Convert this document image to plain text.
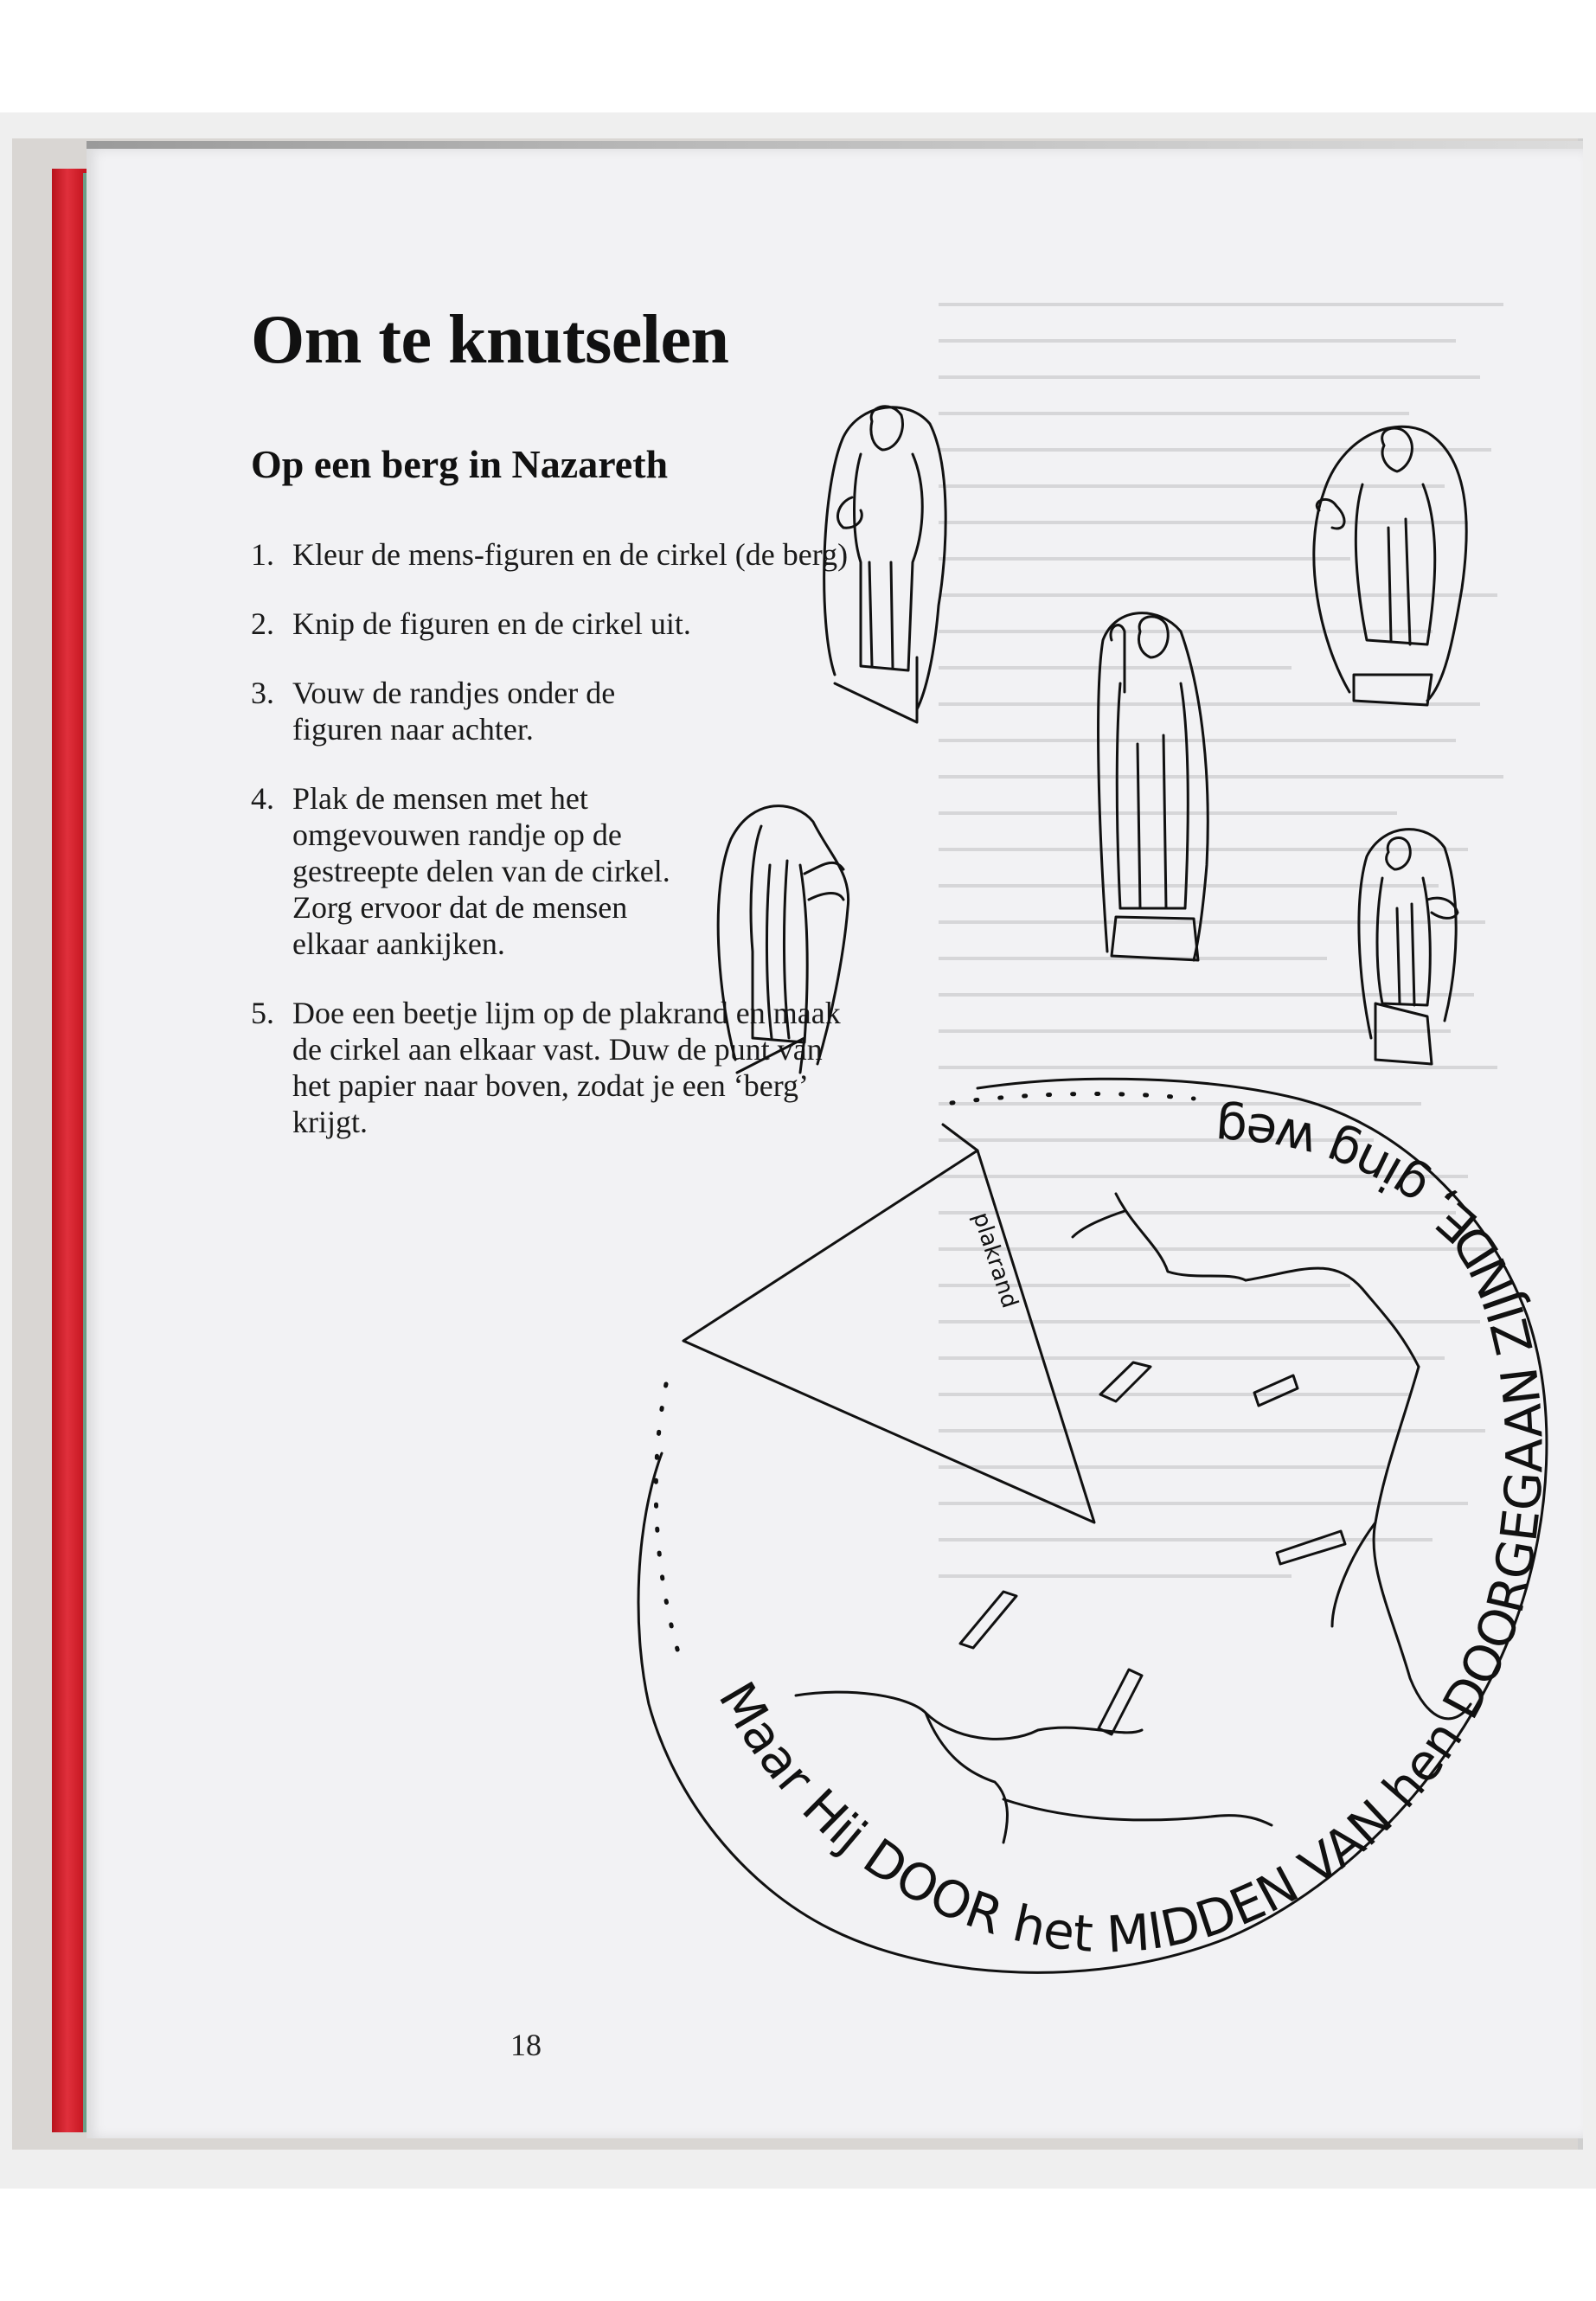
Om te knutselen
Op een berg in Nazareth
1. Kleur de mens-figuren en de cirkel (de berg)
2. Knip de figuren en de cirkel uit.
3. Vouw de randjes onder de figuren naar achter.
4. Plak de mensen met het omgevouwen randje op de gestreepte delen van de cirkel.
Zorg ervoor dat de mensen elkaar aankijken.
5. Doe een beetje lijm op de plakrand en maak de cirkel aan elkaar vast. Duw de punt van het papier naar boven, zodat je een ‘berg’ krijgt.
plakrand
Maar Hij DOOR het MIDDEN VAN hen DOORGEGAAN ZIJNDE, ging weg
18
